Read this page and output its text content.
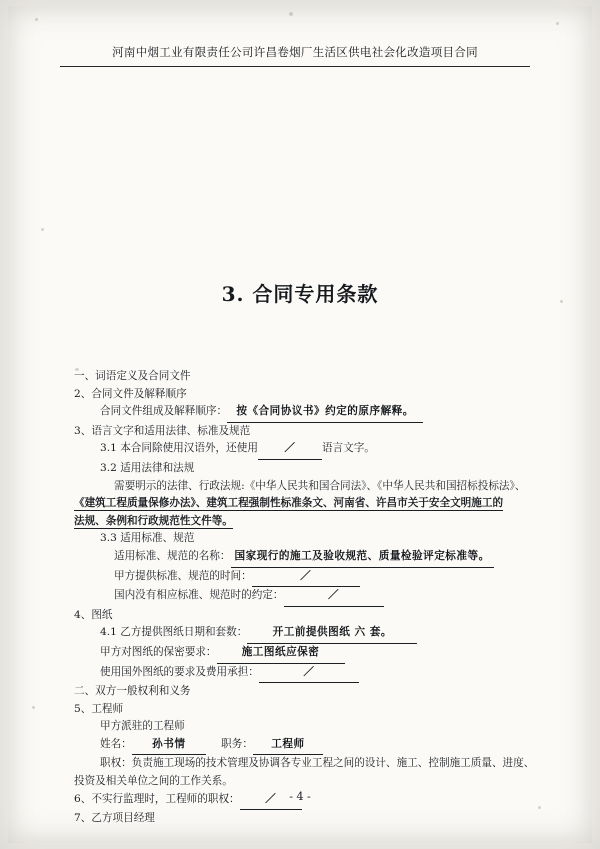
河南中烟工业有限责任公司许昌卷烟厂生活区供电社会化改造项目合同
3. 合同专用条款
一、词语定义及合同文件
2、合同文件及解释顺序
合同文件组成及解释顺序： 按《合同协议书》约定的原序解释。
3、语言文字和适用法律、标准及规范
3.1 本合同除使用汉语外，还使用 ／ 语言文字。
3.2 适用法律和法规
需要明示的法律、行政法规:《中华人民共和国合同法》、《中华人民共和国招标投标法》、
《建筑工程质量保修办法》、建筑工程强制性标准条文、河南省、许昌市关于安全文明施工的
法规、条例和行政规范性文件等。
3.3 适用标准、规范
适用标准、规范的名称： 国家现行的施工及验收规范、质量检验评定标准等。
甲方提供标准、规范的时间：	／
国内没有相应标准、规范时的约定：	／
4、图纸
4.1 乙方提供图纸日期和套数： 开工前提供图纸 六 套。
甲方对图纸的保密要求： 施工图纸应保密
使用国外图纸的要求及费用承担：	／
二、双方一般权利和义务
5、工程师
甲方派驻的工程师
姓名： 孙书情	职务： 工程师
职权：负责施工现场的技术管理及协调各专业工程之间的设计、施工、控制施工质量、进度、
投资及相关单位之间的工作关系。
6、不实行监理时，工程师的职权： ／
7、乙方项目经理
- 4 -
